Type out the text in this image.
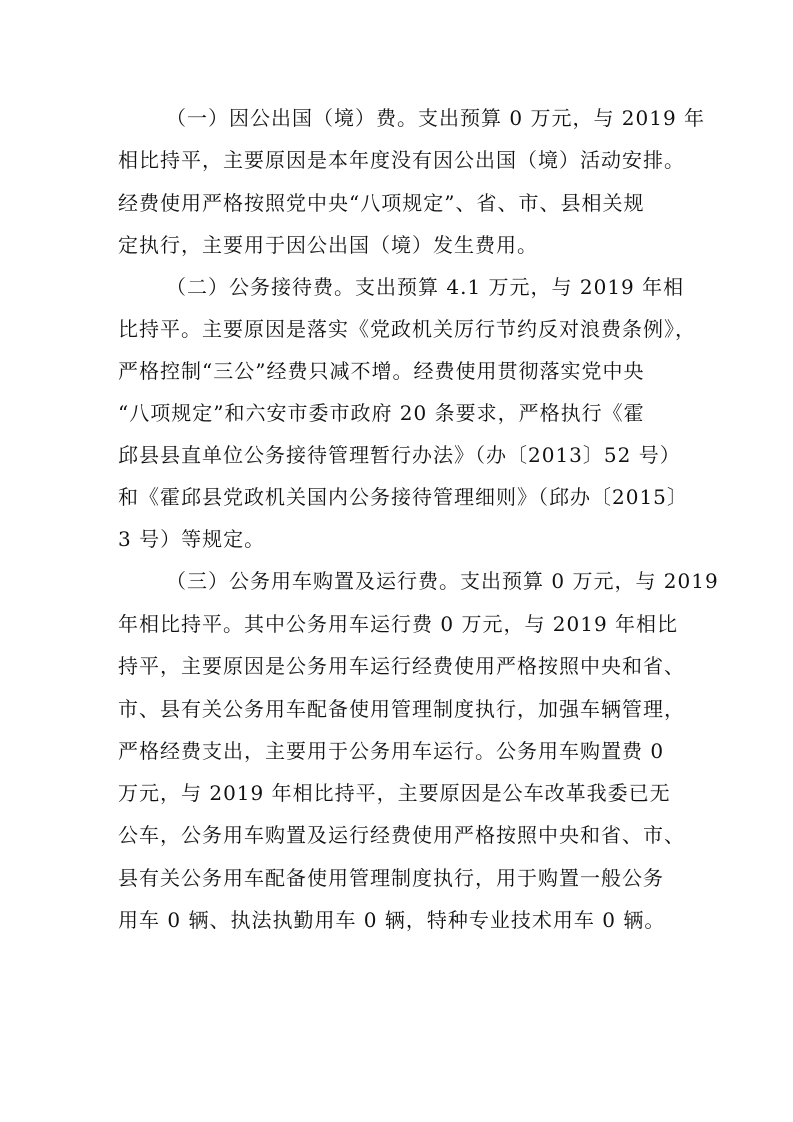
（一）因公出国（境）费。支出预算 0 万元，与 2019 年
相比持平，主要原因是本年度没有因公出国（境）活动安排。
经费使用严格按照党中央“八项规定”、省、市、县相关规
定执行，主要用于因公出国（境）发生费用。
（二）公务接待费。支出预算 4.1 万元，与 2019 年相
比持平。主要原因是落实《党政机关厉行节约反对浪费条例》，
严格控制“三公”经费只减不增。经费使用贯彻落实党中央
“八项规定”和六安市委市政府 20 条要求，严格执行《霍
邱县县直单位公务接待管理暂行办法》（办〔2013〕52 号）
和《霍邱县党政机关国内公务接待管理细则》（邱办〔2015〕
3 号）等规定。
（三）公务用车购置及运行费。支出预算 0 万元，与 2019
年相比持平。其中公务用车运行费 0 万元，与 2019 年相比
持平，主要原因是公务用车运行经费使用严格按照中央和省、
市、县有关公务用车配备使用管理制度执行，加强车辆管理，
严格经费支出，主要用于公务用车运行。公务用车购置费 0
万元，与 2019 年相比持平，主要原因是公车改革我委已无
公车，公务用车购置及运行经费使用严格按照中央和省、市、
县有关公务用车配备使用管理制度执行，用于购置一般公务
用车 0 辆、执法执勤用车 0 辆，特种专业技术用车 0 辆。
